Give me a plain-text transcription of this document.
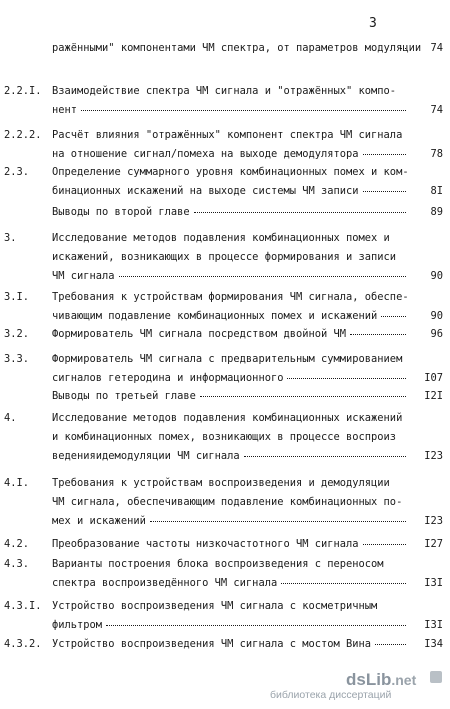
3
ражёнными" компонентами ЧМ спектра, от параметров модуляции 74
2.2.I. Взаимодействие спектра ЧМ сигнала и "отражённых" компо-
нент	74
2.2.2. Расчёт влияния "отражённых" компонент спектра ЧМ сигнала
на отношение сигнал/помеха на выходе демодулятора	78
2.3. Определение суммарного уровня комбинационных помех и ком-
бинационных искажений на выходе системы ЧМ записи	8I
Выводы по второй главе	89
3.	Исследование методов подавления комбинационных помех и
искажений, возникающих в процессе формирования и записи
ЧМ сигнала	90
3.I. Требования к устройствам формирования ЧМ сигнала, обеспе-
чивающим подавление комбинационных помех и искажений	90
3.2. Формирователь ЧМ сигнала посредством двойной ЧМ	96
3.3. Формирователь ЧМ сигнала с предварительным суммированием
сигналов гетеродина и информационного	I07
Выводы по третьей главе	I2I
4.	Исследование методов подавления комбинационных искажений
и комбинационных помех, возникающих в процессе воспроиз
веденияидемодуляции ЧМ сигнала	I23
4.I. Требования к устройствам воспроизведения и демодуляции
ЧМ сигнала, обеспечивающим подавление комбинационных по-
мех и искажений	I23
4.2. Преобразование частоты низкочастотного ЧМ сигнала	I27
4.3. Варианты построения блока воспроизведения с переносом
спектра воспроизведённого ЧМ сигнала	I3I
4.3.I. Устройство воспроизведения ЧМ сигнала с косметричным
фильтром	I3I
4.3.2. Устройство воспроизведения ЧМ сигнала с мостом Вина	I34
dsLib.net
библиотека диссертаций
